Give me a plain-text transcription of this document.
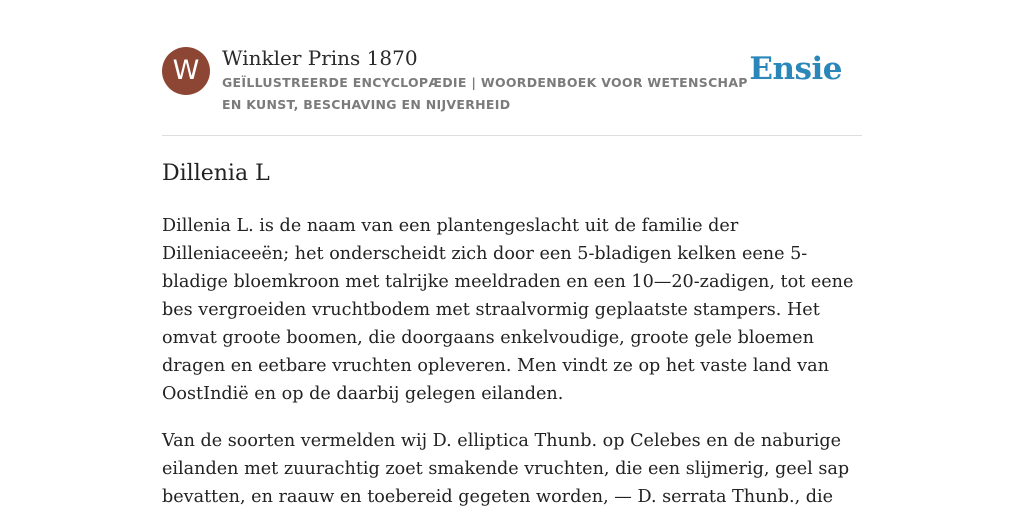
W	Winkler Prins 1870
GEÏLLUSTREERDE ENCYCLOPÆDIE | WOORDENBOEK VOOR WETENSCHAP EN KUNST, BESCHAVING EN NIJVERHEID
Ensie
Dillenia L

Dillenia L. is de naam van een plantengeslacht uit de familie der Dilleniaceeën; het onderscheidt zich door een 5-bladigen kelken eene 5-bladige bloemkroon met talrijke meeldraden en een 10—20-zadigen, tot eene bes vergroeiden vruchtbodem met straalvormig geplaatste stampers. Het omvat groote boomen, die doorgaans enkelvoudige, groote gele bloemen dragen en eetbare vruchten opleveren. Men vindt ze op het vaste land van OostIndië en op de daarbij gelegen eilanden.

Van de soorten vermelden wij D. elliptica Thunb. op Celebes en de naburige eilanden met zuurachtig zoet smakende vruchten, die een slijmerig, geel sap bevatten, en raauw en toebereid gegeten worden, — D. serrata Thunb., die
